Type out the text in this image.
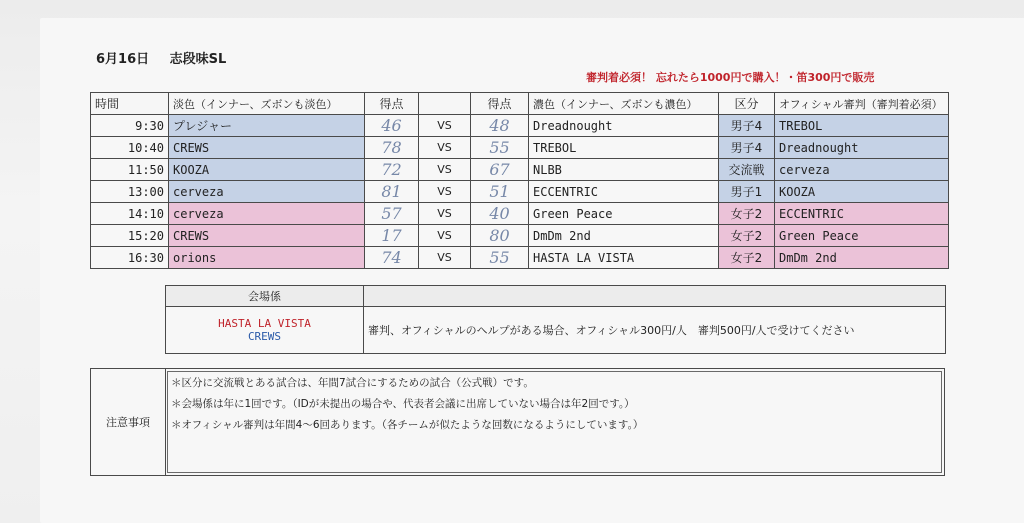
6月16日 志段味SL
審判着必須！ 忘れたら1000円で購入！・笛300円で販売
時間	淡色（インナー、ズボンも淡色）	得点		得点	濃色（インナー、ズボンも濃色）	区分	オフィシャル審判（審判着必須）
9:30	プレジャー	46	VS	48	Dreadnought	男子4	TREBOL
10:40	CREWS	78	VS	55	TREBOL	男子4	Dreadnought
11:50	KOOZA	72	VS	67	NLBB	交流戦	cerveza
13:00	cerveza	81	VS	51	ECCENTRIC	男子1	KOOZA
14:10	cerveza	57	VS	40	Green Peace	女子2	ECCENTRIC
15:20	CREWS	17	VS	80	DmDm 2nd	女子2	Green Peace
16:30	orions	74	VS	55	HASTA LA VISTA	女子2	DmDm 2nd
会場係	

HASTA LA VISTA
CREWS	審判、オフィシャルのヘルプがある場合、オフィシャル300円/人　審判500円/人で受けてください
注意事項
＊区分に交流戦とある試合は、年間7試合にするための試合（公式戦）です。
＊会場係は年に1回です。（IDが未提出の場合や、代表者会議に出席していない場合は年2回です。）
＊オフィシャル審判は年間4～6回あります。（各チームが似たような回数になるようにしています。）
